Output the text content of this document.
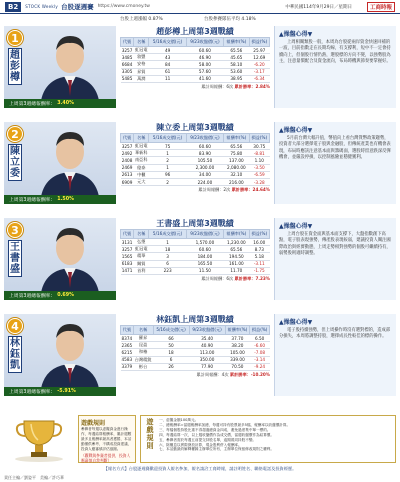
B2	STOCK Weekly 台股逐週賽 https://www.cmoney.tw	中華民國114年9月29日／星期日	工商時報
台股上週漲幅 0.87%	台股參賽隊伍平均 4.18%
1
趙
彭
樽
上周第3週總報酬率： 3.40%
趙彭樽上周第3週戰績
代號	名稱	5/16成交價(元)	9/23收盤價(元)	報酬率(%)	損益(%)
3257	虹冠電	49	60.60	65.56	25.97
3485	敘豐	43	46.90	45.65	12.69
6684	安格	84	58.00	58.10	-6.20
3305	昇貿	61	57.60	53.60	-3.17
5485	萬潤	11	41.60	38.95	-6.34
累計周報酬：6次 累計勝率：2.84%
▲操盤心得▼
上周相關類股一般，本周為台股從兩岸資金快速回補的一波，目前指數走在長期均線，有支撐利，短中不一定會持續向上，但個股行情仍熱，選股標的方向不變，以強勢股為主，注意量價配合及資金流向，布局時機與節奏要掌握好。
2
陳
立
委
上周第3週總報酬率： 1.50%
陳立委上周第3週戰績
代號	名稱	5/16成交價(元)	9/23收盤價(元)	報酬率(%)	損益(%)
3257	虹冠電	75	60.60	65.56	30.75
2492	華新科	1	83.90	75.80	-8.81
2408	南亞科	2	105.50	137.00	1.10
2469	億泰	1	2,300.00	2,080.00	-3.50
2613	中櫃	96	34.00	32.10	-6.59
6909	元大	2	224.00	216.00	-3.28
累計周報酬：2次 累計勝率：24.64%
▲操盤心得▼
5月前台灣大幅升值，幣值向上看台灣貨幣政策趨勢，投資者大部分選擇電子股與金融股，但傳統產業也有機會表現，布局時應該注意基本面與籌碼面，選股時留意跌深反彈機會，並嚴設停損，以控制風險並穩健獲利。
3
王
書
盛
上周第3週總報酬率： 0.69%
王書盛上周第3週戰績
代號	名稱	5/16成交價(元)	9/23收盤價(元)	報酬率(%)	損益(%)
3131	弘塑	1	1,570.00	1,230.00	16.00
3257	虹冠電	18	60.60	65.56	8.73
1565	精華	3	184.00	194.50	5.18
6183	關貿	6	165.50	161.00	-3.11
1471	首利	223	11.50	11.70	-1.75
累計周報酬：6次 累計勝率：7.23%
▲操盤心得▼
上周台股在資金面與基本面支撐下，大盤指數創下高點，電子股表現強勢，傳產股表現較弱，建議投資人關注國際政治與經濟動態，上周走勢相對強勢的個股可繼續持有，弱勢股則適時調整。
4
林
鈺
凱
上周第3週總報酬率： -5.91%
林鈺凱上周第3週戰績
代號	名稱	5/16成交價(元)	9/23收盤價(元)	報酬率(%)	損益(%)
8374	羅昇	66	35.40	37.70	6.50
2365	昆盈	50	40.90	38.20	-6.60
6215	和椿	18	113.00	105.00	-7.08
4583	台灣精銳	6	350.00	339.00	-3.14
3379	彬台	26	77.90	70.50	-9.24
累計周報酬：4次 累計勝率：-10.20%
▲操盤心得▼
電子股持續強勢，但上周操作時沒有選對標的，造成部分損失，本周將調整持股，選擇成長性較佳的標的操作。
遊戲規則
參賽者每週以虛擬資金進行操作，每週結算報酬率，累計週數最多且報酬率最高者獲勝，本活動僅供參考，不構成投資建議，投資人應審慎評估風險。
（觀戰與參賽者提供，投資人應審慎自我判斷）
遊戲規則
一、虛擬金額100萬元。
二、總報酬率=當週報酬率加總，每週可持有股票最多5檔，報酬率以收盤價計算。
三、每檔個股持股比重不得超過總資金四成，避免過度集中單一標的。
四、每週結算一次，以上週收盤價作為成交價，當週收盤價作為結算價。
五、參賽者需於每週五前提交持股名單，逾期視同持股不變。
六、除權息以實際發放計算，現金股利併入報酬率。
七、本活動最終解釋權歸主辦單位所有，主辦單位保留修改規則之權利。
【報名方式】台股逐週賽歡迎投資人報名參加，報名請洽工商時報，請註明姓名、聯絡電話及投資經歷。
責任主編／劉姿平　美編／許巧華
